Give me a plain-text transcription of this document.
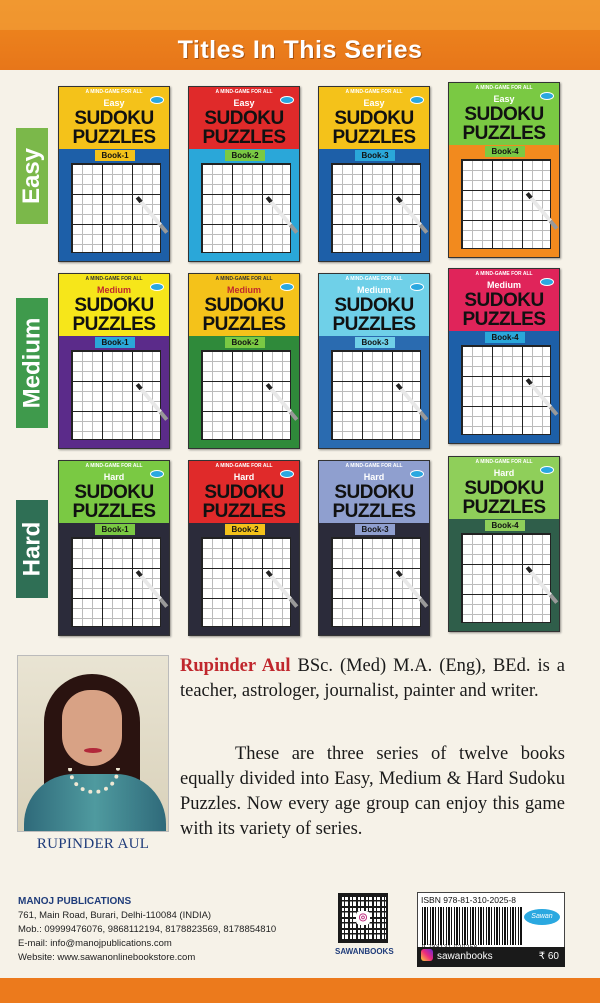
Titles In This Series
Easy
Medium
Hard
A MIND-GAME FOR ALL
Easy
SUDOKU
PUZZLES
Book-1
A MIND-GAME FOR ALL
Easy
SUDOKU
PUZZLES
Book-2
A MIND-GAME FOR ALL
Easy
SUDOKU
PUZZLES
Book-3
A MIND-GAME FOR ALL
Easy
SUDOKU
PUZZLES
Book-4
A MIND-GAME FOR ALL
Medium
SUDOKU
PUZZLES
Book-1
A MIND-GAME FOR ALL
Medium
SUDOKU
PUZZLES
Book-2
A MIND-GAME FOR ALL
Medium
SUDOKU
PUZZLES
Book-3
A MIND-GAME FOR ALL
Medium
SUDOKU
PUZZLES
Book-4
A MIND-GAME FOR ALL
Hard
SUDOKU
PUZZLES
Book-1
A MIND-GAME FOR ALL
Hard
SUDOKU
PUZZLES
Book-2
A MIND-GAME FOR ALL
Hard
SUDOKU
PUZZLES
Book-3
A MIND-GAME FOR ALL
Hard
SUDOKU
PUZZLES
Book-4
RUPINDER AUL
Rupinder Aul BSc. (Med) M.A. (Eng), BEd. is a teacher, astrologer, journalist, painter and writer.
These are three series of twelve books equally divided into Easy, Medium & Hard Sudoku Puzzles. Now every age group can enjoy this game with its variety of series.
MANOJ PUBLICATIONS
761, Main Road, Burari, Delhi-110084 (INDIA)
Mob.: 09999476076, 9868112194, 8178823569, 8178854810
E-mail: info@manojpublications.com
Website: www.sawanonlinebookstore.com
◎
SAWANBOOKS
ISBN 978-81-310-2025-8
Sawan
sawanbooks	₹ 60
